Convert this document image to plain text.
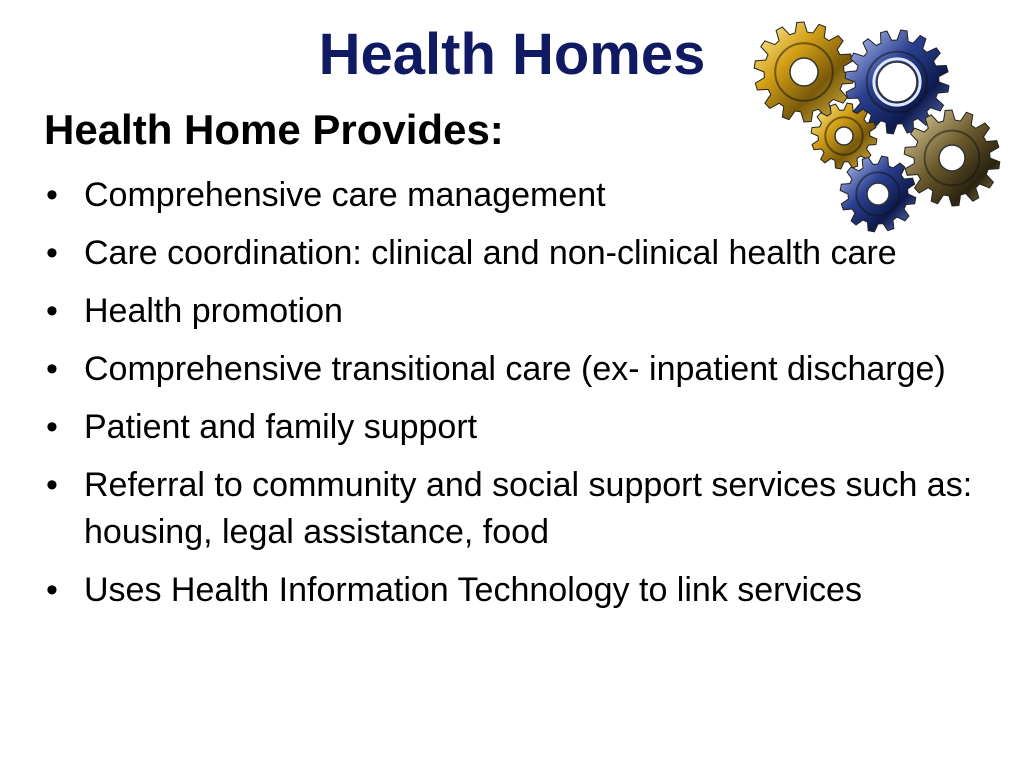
Health Homes
Health Home Provides:
• Comprehensive care management
• Care coordination: clinical and non-clinical health care
• Health promotion
• Comprehensive transitional care (ex- inpatient discharge)
• Patient and family support
• Referral to community and social support services such as: housing, legal assistance, food
• Uses Health Information Technology to link services
